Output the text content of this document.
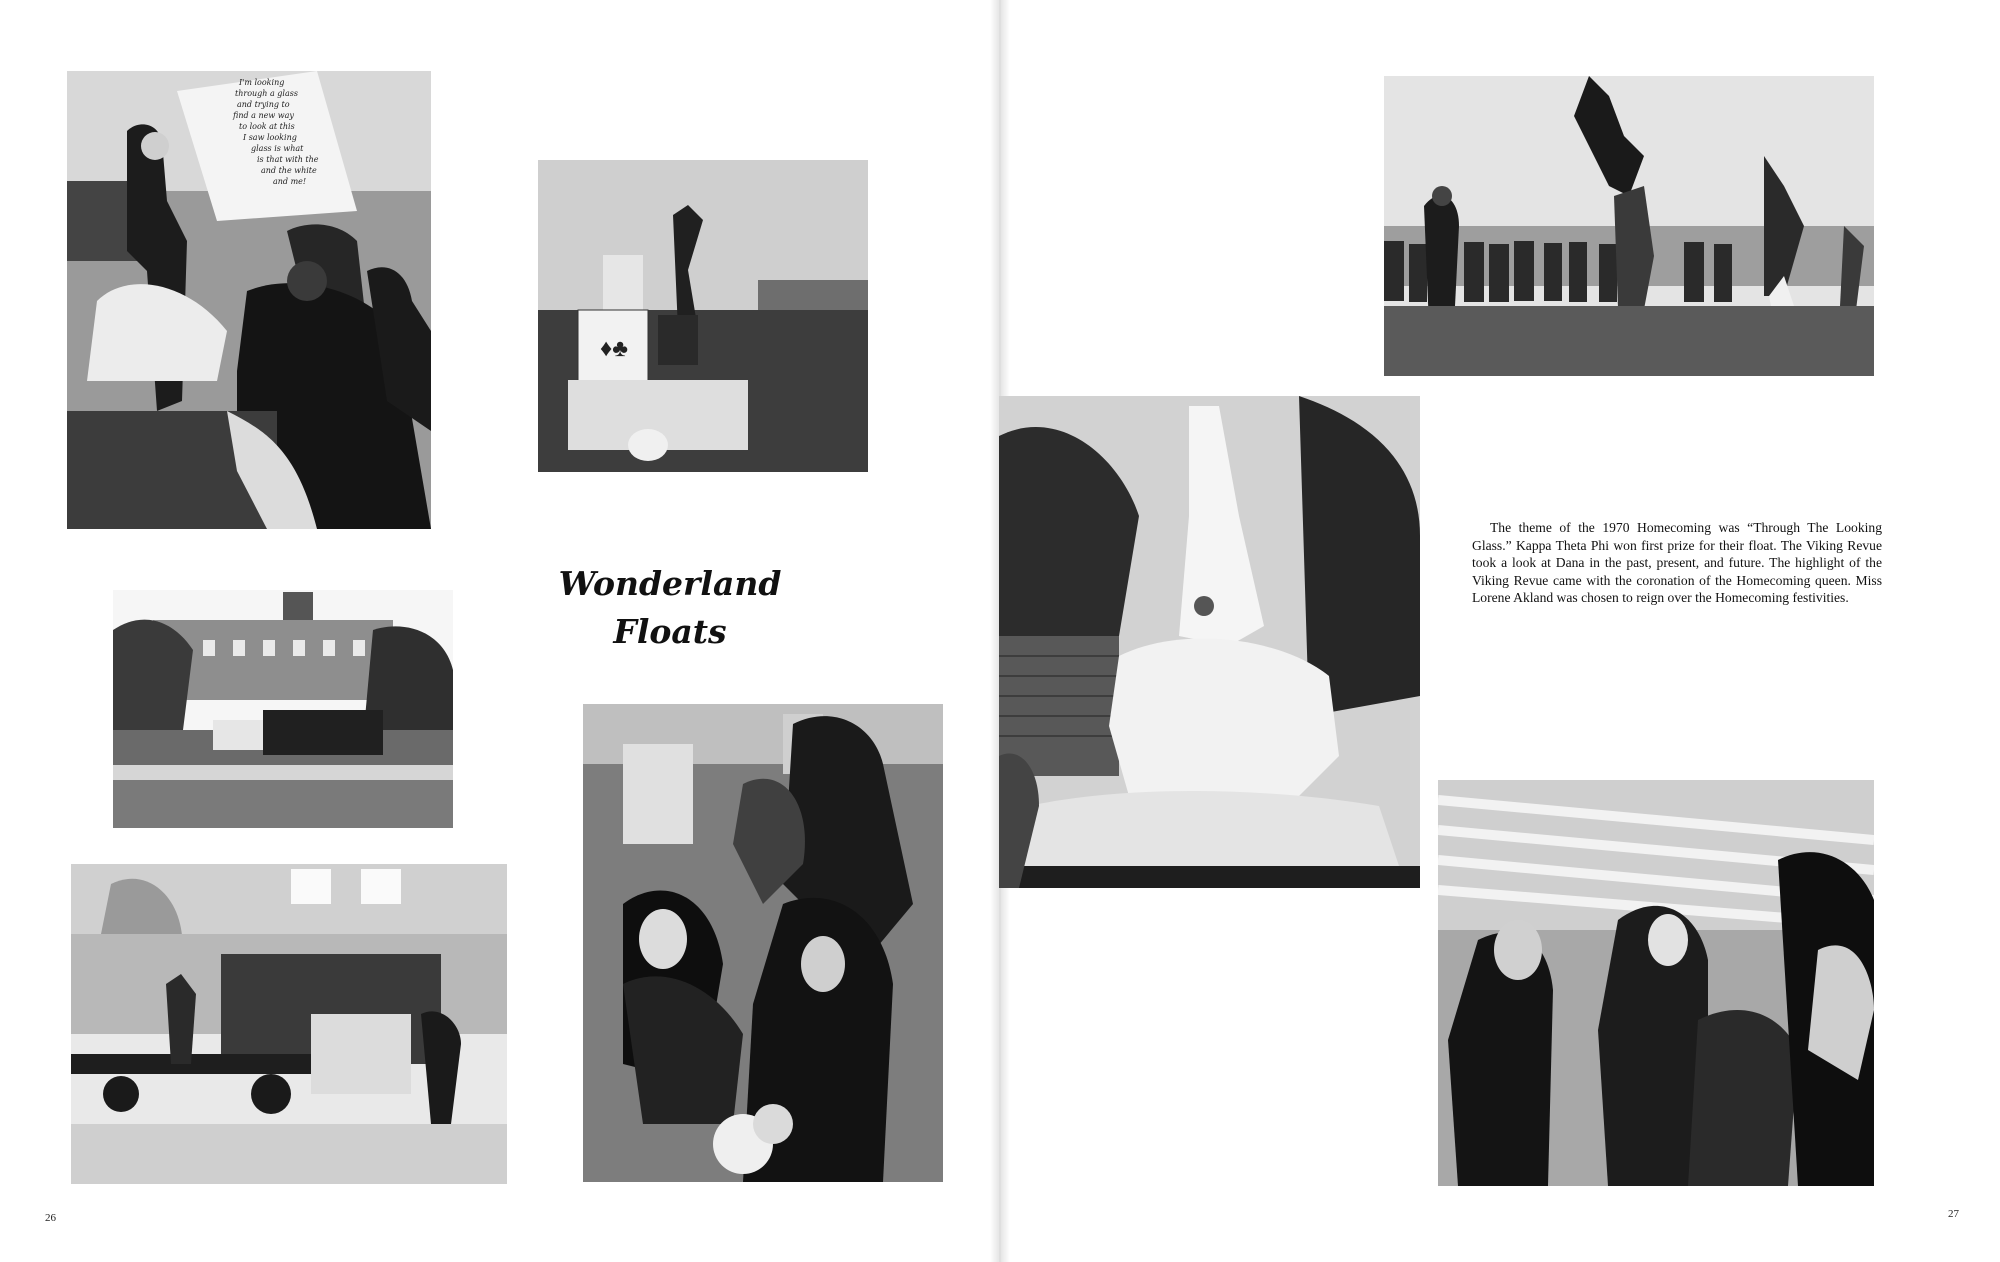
I'm looking through a glass and trying to find a new way to look at this I saw looking glass is what is that with the and the white and me!
♦♣
Wonderland
Floats
The theme of the 1970 Homecoming was “Through The Looking Glass.” Kappa Theta Phi won first prize for their float. The Viking Revue took a look at Dana in the past, present, and future. The highlight of the Viking Revue came with the coronation of the Homecoming queen. Miss Lorene Akland was chosen to reign over the Homecoming festivities.
26	27
